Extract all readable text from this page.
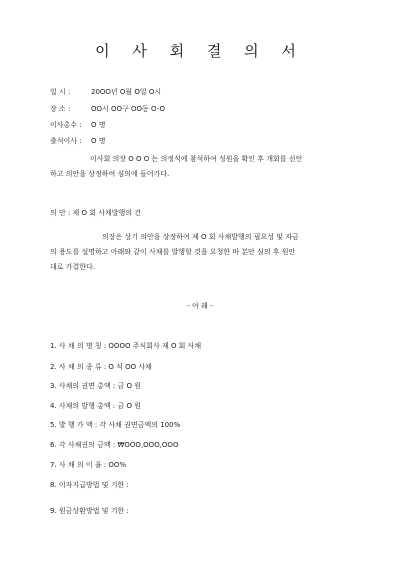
이 사 회 결 의 서
일 시 :	20OO년 O월 O일 O시
장 소 :	OO시 OO구 OO동 O-O
이사총수 : O 명
출석이사 : O 명
이사회 의장 O O O 는 의정석에 참석하여 성원을 확인 후 개회를 선언
하고 의안을 상정하여 심의에 들어가다.
의 안 : 제 O 회 사채발행의 건
의장은 상기 의안을 상정하여 제 O 회 사채발행의 필요성 및 자금
의 용도를 설명하고 아래와 같이 사채를 발행할 것을 요청한 바 분안 심의 후 원안
대로 가결한다.
- 아 래 -
1. 사 채 의 명 칭 : OOOO 주식회사 제 O 회 사채
2. 사 채 의 종 류 : O 식 OO 사채
3. 사채의 권면 총액 : 금 O 원
4. 사채의 발행 총액 : 금 O 원
5. 발 행 가 액 : 각 사채 권면금액의 100%
6. 각 사채권의 금액 : ₩OOO,OOO,OOO
7. 사 채 의 이 율 : OO%
8. 이자지급방법 및 기한 :
9. 원금상환방법 및 기한 :
